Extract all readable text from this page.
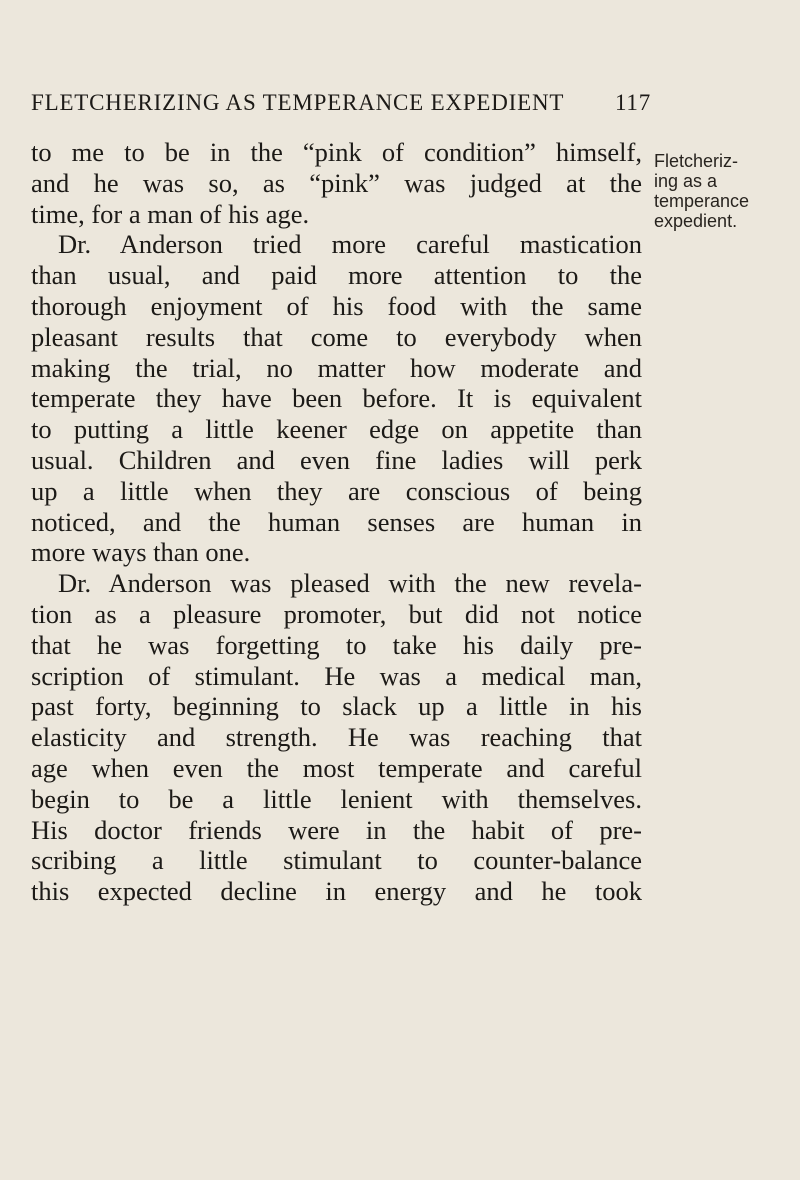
FLETCHERIZING AS TEMPERANCE EXPEDIENT 117
to me to be in the “pink of condition” himself,
and he was so, as “pink” was judged at the
time, for a man of his age.
Dr. Anderson tried more careful mastication
than usual, and paid more attention to the
thorough enjoyment of his food with the same
pleasant results that come to everybody when
making the trial, no matter how moderate and
temperate they have been before. It is equivalent
to putting a little keener edge on appetite than
usual. Children and even fine ladies will perk
up a little when they are conscious of being
noticed, and the human senses are human in
more ways than one.
Dr. Anderson was pleased with the new revela-
tion as a pleasure promoter, but did not notice
that he was forgetting to take his daily pre-
scription of stimulant. He was a medical man,
past forty, beginning to slack up a little in his
elasticity and strength. He was reaching that
age when even the most temperate and careful
begin to be a little lenient with themselves.
His doctor friends were in the habit of pre-
scribing a little stimulant to counter-balance
this expected decline in energy and he took
Fletcheriz-
ing as a
temperance
expedient.
